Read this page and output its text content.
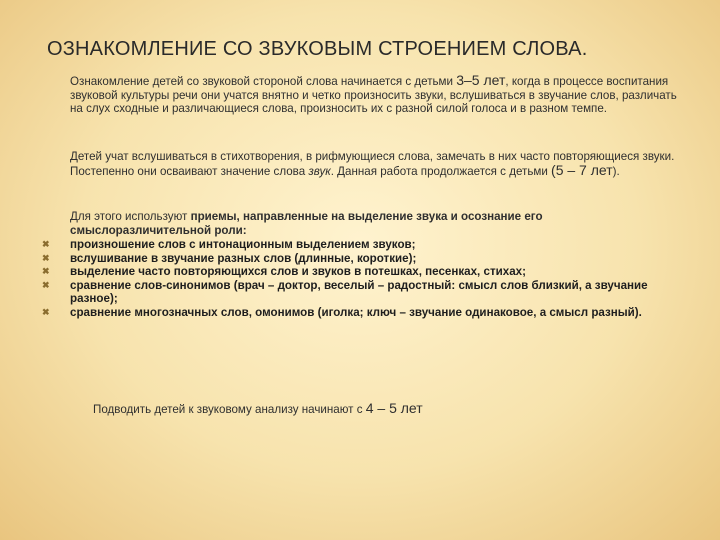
ОЗНАКОМЛЕНИЕ СО ЗВУКОВЫМ СТРОЕНИЕМ СЛОВА.
Ознакомление детей со звуковой стороной слова начинается с детьми 3–5 лет, когда в процессе воспитания звуковой культуры речи они учатся внятно и четко произносить звуки, вслушиваться в звучание слов, различать на слух сходные и различающиеся слова, произносить их с разной силой голоса и в разном темпе.
Детей учат вслушиваться в стихотворения, в рифмующиеся слова, замечать в них часто повторяющиеся звуки. Постепенно они осваивают значение слова звук. Данная работа продолжается с детьми (5 – 7 лет).
Для этого используют приемы, направленные на выделение звука и осознание его смыслоразличительной роли:
✖ произношение слов с интонационным выделением звуков;
✖ вслушивание в звучание разных слов (длинные, короткие);
✖ выделение часто повторяющихся слов и звуков в потешках, песенках, стихах;
✖ сравнение слов-синонимов (врач – доктор, веселый – радостный: смысл слов близкий, а звучание разное);
✖ сравнение многозначных слов, омонимов (иголка; ключ – звучание одинаковое, а смысл разный).
Подводить детей к звуковому анализу начинают с 4 – 5 лет
